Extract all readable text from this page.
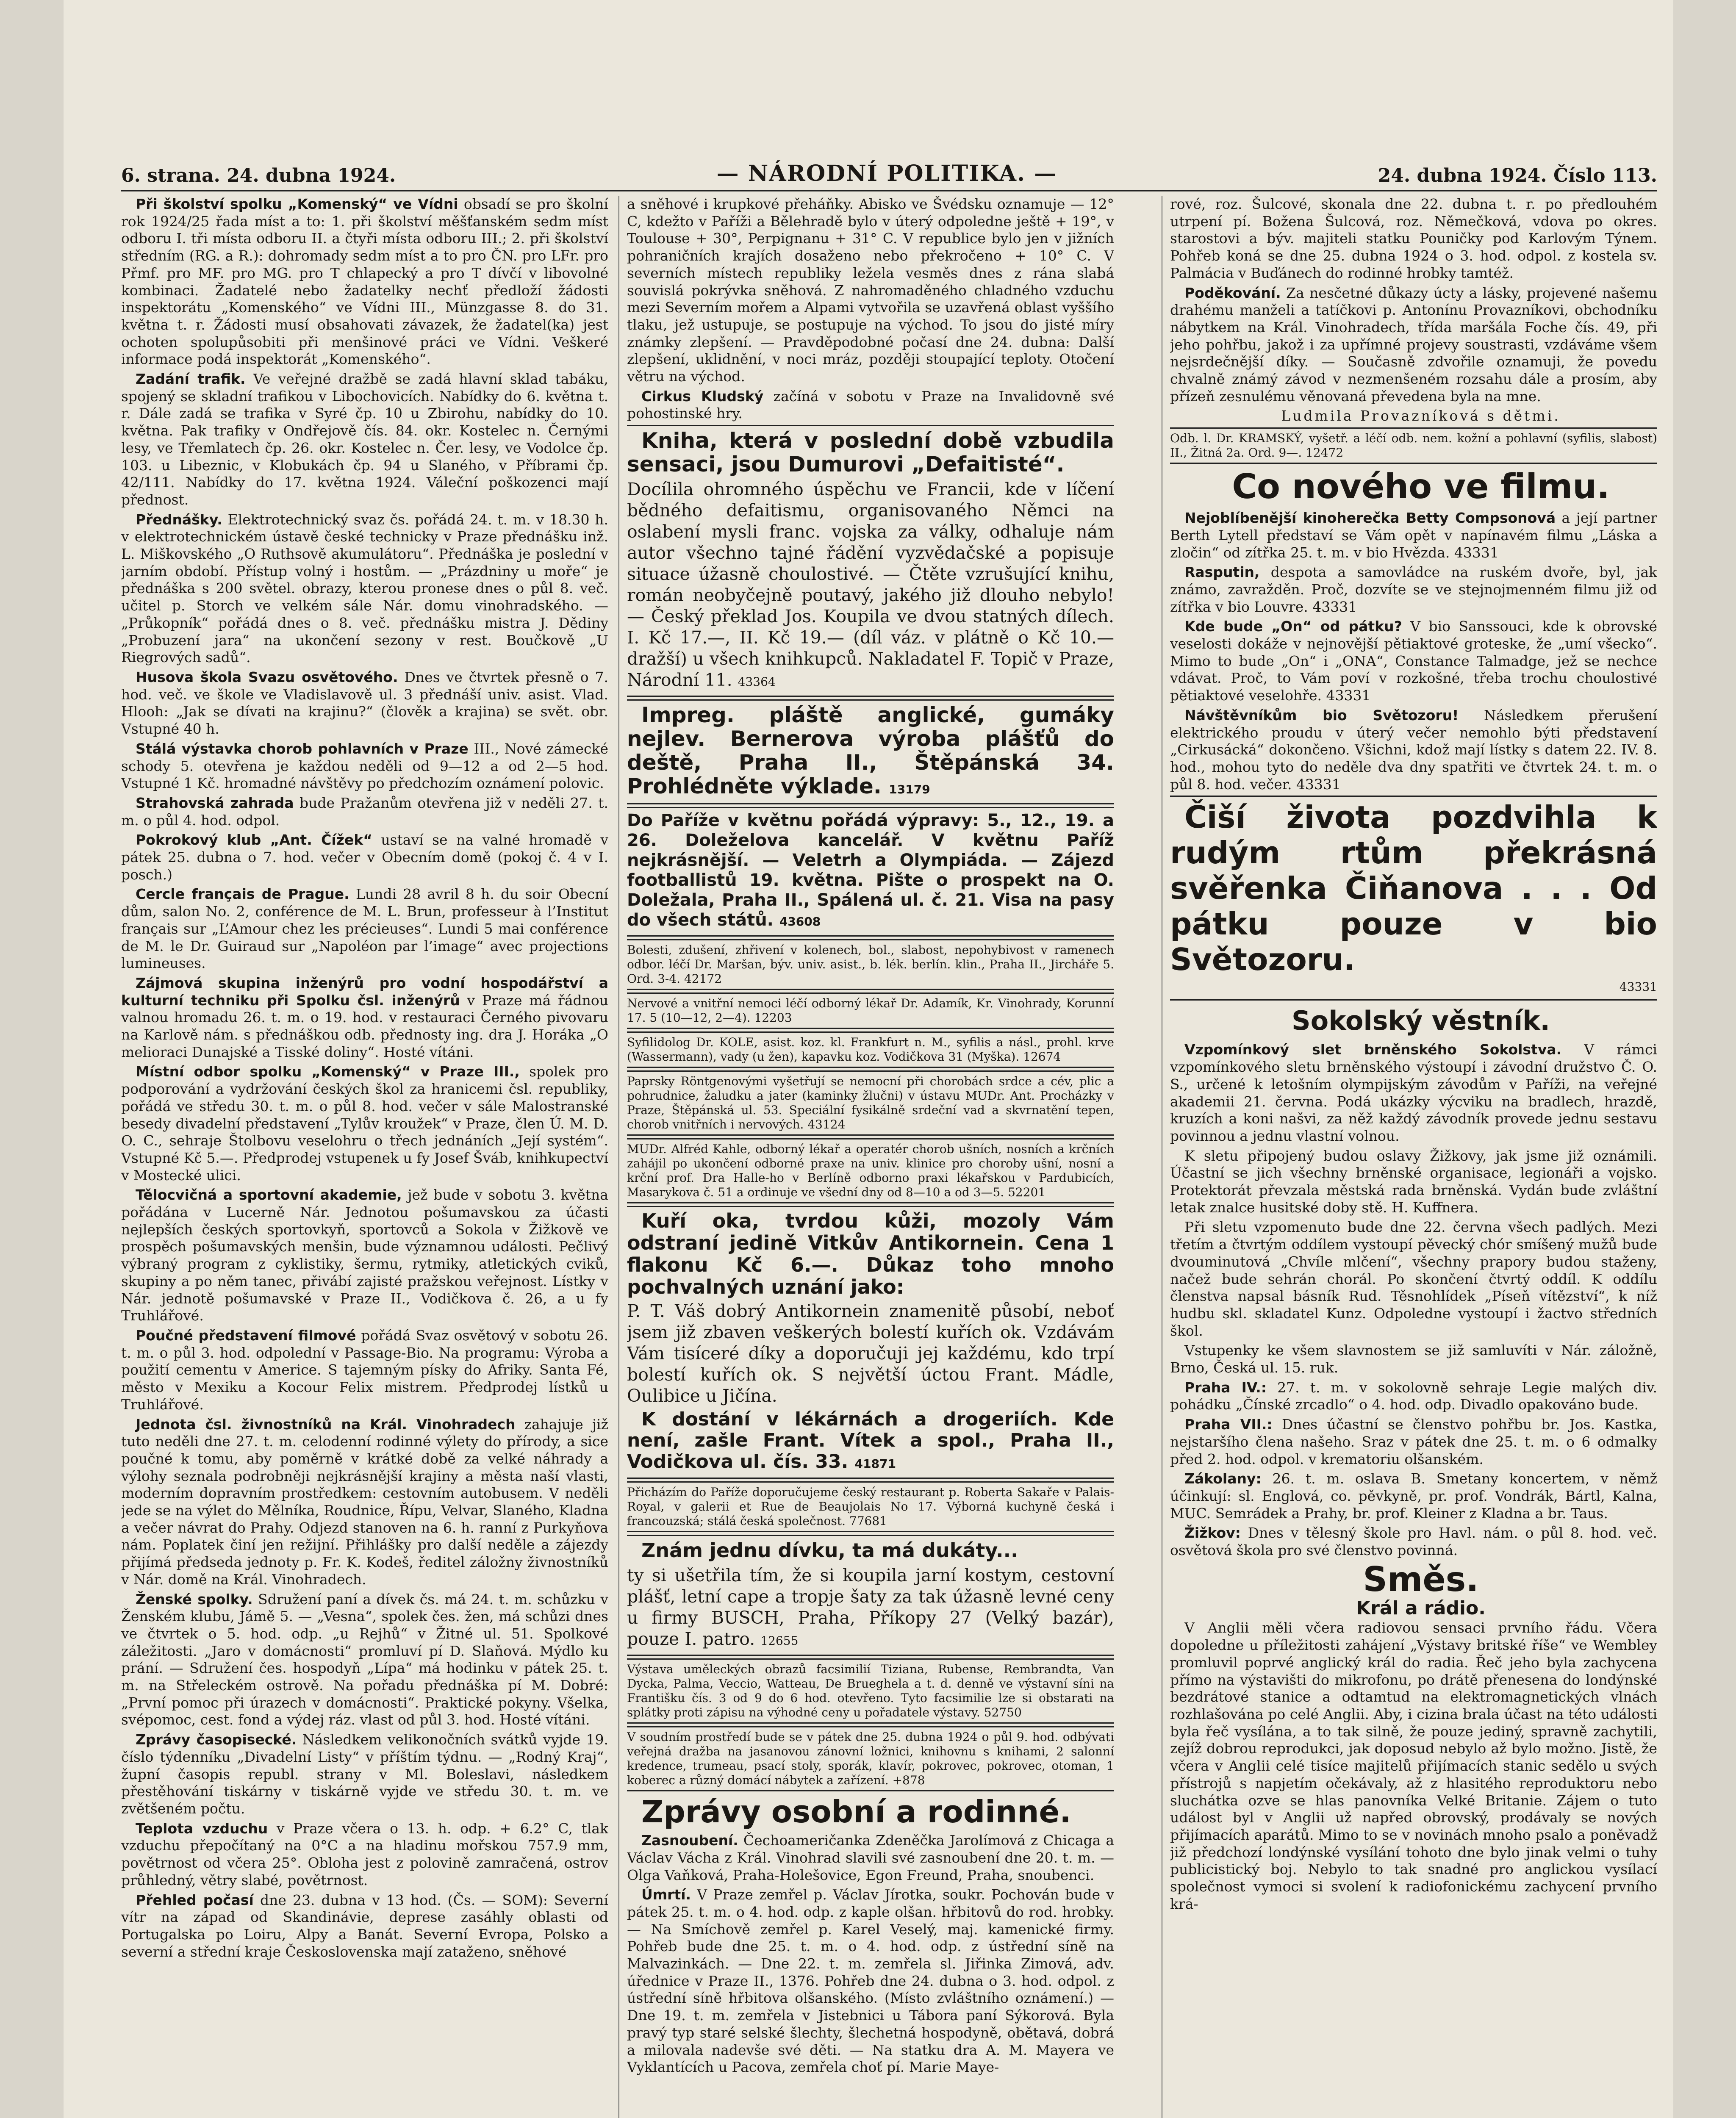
6. strana. 24. dubna 1924.	— NÁRODNÍ POLITIKA. —	24. dubna 1924. Číslo 113.

Při školství spolku „Komenský“ ve Vídni obsadí se pro školní rok 1924/25 řada míst a to: 1. při školství měšťanském sedm míst odboru I. tři místa odboru II. a čtyři místa odboru III.; 2. při školství středním (RG. a R.): dohromady sedm míst a to pro ČN. pro LFr. pro Přmf. pro MF. pro MG. pro T chlapecký a pro T dívčí v libovolné kombinaci. Žadatelé nebo žadatelky nechť předloží žádosti inspektorátu „Komenského“ ve Vídni III., Münzgasse 8. do 31. května t. r. Žádosti musí obsahovati závazek, že žadatel(ka) jest ochoten spolupůsobiti při menšinové práci ve Vídni. Veškeré informace podá inspektorát „Komenského“.

Zadání trafik. Ve veřejné dražbě se zadá hlavní sklad tabáku, spojený se skladní trafikou v Libochovicích. Nabídky do 6. května t. r. Dále zadá se trafika v Syré čp. 10 u Zbirohu, nabídky do 10. května. Pak trafiky v Ondřejově čís. 84. okr. Kostelec n. Černými lesy, ve Třemlatech čp. 26. okr. Kostelec n. Čer. lesy, ve Vodolce čp. 103. u Libeznic, v Klobukách čp. 94 u Slaného, v Příbrami čp. 42/111. Nabídky do 17. května 1924. Váleční poškozenci mají přednost.

Přednášky. Elektrotechnický svaz čs. pořádá 24. t. m. v 18.30 h. v elektrotechnickém ústavě české technicky v Praze přednášku inž. L. Miškovského „O Ruthsově akumulátoru“. Přednáška je poslední v jarním období. Přístup volný i hostům. — „Prázdniny u moře“ je přednáška s 200 světel. obrazy, kterou pronese dnes o půl 8. več. učitel p. Storch ve velkém sále Nár. domu vinohradského. — „Průkopník“ pořádá dnes o 8. več. přednášku mistra J. Dědiny „Probuzení jara“ na ukončení sezony v rest. Boučkově „U Riegrových sadů“.

Husova škola Svazu osvětového. Dnes ve čtvrtek přesně o 7. hod. več. ve škole ve Vladislavově ul. 3 přednáší univ. asist. Vlad. Hlooh: „Jak se dívati na krajinu?“ (člověk a krajina) se svět. obr. Vstupné 40 h.

Stálá výstavka chorob pohlavních v Praze III., Nové zámecké schody 5. otevřena je každou neděli od 9—12 a od 2—5 hod. Vstupné 1 Kč. hromadné návštěvy po předchozím oznámení polovic.

Strahovská zahrada bude Pražanům otevřena již v neděli 27. t. m. o půl 4. hod. odpol.

Pokrokový klub „Ant. Čížek“ ustaví se na valné hromadě v pátek 25. dubna o 7. hod. večer v Obecním domě (pokoj č. 4 v I. posch.)

Cercle français de Prague. Lundi 28 avril 8 h. du soir Obecní dům, salon No. 2, conférence de M. L. Brun, professeur à l’Institut français sur „L’Amour chez les précieuses“. Lundi 5 mai conférence de M. le Dr. Guiraud sur „Napoléon par l’image“ avec projections lumineuses.

Zájmová skupina inženýrů pro vodní hospodářství a kulturní techniku při Spolku čsl. inženýrů v Praze má řádnou valnou hromadu 26. t. m. o 19. hod. v restauraci Černého pivovaru na Karlově nám. s přednáškou odb. přednosty ing. dra J. Horáka „O melioraci Dunajské a Tisské doliny“. Hosté vítáni.

Místní odbor spolku „Komenský“ v Praze III., spolek pro podporování a vydržování českých škol za hranicemi čsl. republiky, pořádá ve středu 30. t. m. o půl 8. hod. večer v sále Malostranské besedy divadelní představení „Tylův kroužek“ v Praze, člen Ú. M. D. O. C., sehraje Štolbovu veselohru o třech jednáních „Její systém“. Vstupné Kč 5.—. Předprodej vstupenek u fy Josef Šváb, knihkupectví v Mostecké ulici.

Tělocvičná a sportovní akademie, jež bude v sobotu 3. května pořádána v Lucerně Nár. Jednotou pošumavskou za účasti nejlepších českých sportovkyň, sportovců a Sokola v Žižkově ve prospěch pošumavských menšin, bude významnou události. Pečlivý výbraný program z cyklistiky, šermu, rytmiky, atletických cviků, skupiny a po něm tanec, přivábí zajisté pražskou veřejnost. Lístky v Nár. jednotě pošumavské v Praze II., Vodičkova č. 26, a u fy Truhlářové.

Poučné představení filmové pořádá Svaz osvětový v sobotu 26. t. m. o půl 3. hod. odpolední v Passage-Bio. Na programu: Výroba a použití cementu v Americe. S tajemným písky do Afriky. Santa Fé, město v Mexiku a Kocour Felix mistrem. Předprodej lístků u Truhlářové.

Jednota čsl. živnostníků na Král. Vinohradech zahajuje již tuto neděli dne 27. t. m. celodenní rodinné výlety do přírody, a sice poučné k tomu, aby poměrně v krátké době za velké náhrady a výlohy seznala podrobněji nejkrásnější krajiny a města naší vlasti, moderním dopravním prostředkem: cestovním autobusem. V neděli jede se na výlet do Mělníka, Roudnice, Řípu, Velvar, Slaného, Kladna a večer návrat do Prahy. Odjezd stanoven na 6. h. ranní z Purkyňova nám. Poplatek činí jen režijní. Přihlášky pro další neděle a zájezdy přijímá předseda jednoty p. Fr. K. Kodeš, ředitel záložny živnostníků v Nár. domě na Král. Vinohradech.

Ženské spolky. Sdružení paní a dívek čs. má 24. t. m. schůzku v Ženském klubu, Jámě 5. — „Vesna“, spolek čes. žen, má schůzi dnes ve čtvrtek o 5. hod. odp. „u Rejhů“ v Žitné ul. 51. Spolkové záležitosti. „Jaro v domácnosti“ promluví pí D. Slaňová. Mýdlo ku prání. — Sdružení čes. hospodyň „Lípa“ má hodinku v pátek 25. t. m. na Střeleckém ostrově. Na pořadu přednáška pí M. Dobré: „První pomoc při úrazech v domácnosti“. Praktické pokyny. Všelka, svépomoc, cest. fond a výdej ráz. vlast od půl 3. hod. Hosté vítáni.

Zprávy časopisecké. Následkem velikonočních svátků vyjde 19. číslo týdenníku „Divadelní Listy“ v příštím týdnu. — „Rodný Kraj“, župní časopis republ. strany v Ml. Boleslavi, následkem přestěhování tiskárny v tiskárně vyjde ve středu 30. t. m. ve zvětšeném počtu.

Teplota vzduchu v Praze včera o 13. h. odp. + 6.2° C, tlak vzduchu přepočítaný na 0°C a na hladinu mořskou 757.9 mm, povětrnost od včera 25°. Obloha jest z polovině zamračená, ostrov průhledný, větry slabé, povětrnost.

Přehled počasí dne 23. dubna v 13 hod. (Čs. — SOM): Severní vítr na západ od Skandinávie, deprese zasáhly oblasti od Portugalska po Loiru, Alpy a Banát. Severní Evropa, Polsko a severní a střední kraje Československa mají zataženo, sněhové

a sněhové i krupkové přeháňky. Abisko ve Švédsku oznamuje — 12° C, kdežto v Paříži a Bělehradě bylo v úterý odpoledne ještě + 19°, v Toulouse + 30°, Perpignanu + 31° C. V republice bylo jen v jižních pohraničních krajích dosaženo nebo překročeno + 10° C. V severních místech republiky ležela vesměs dnes z rána slabá souvislá pokrývka sněhová. Z nahromaděného chladného vzduchu mezi Severním mořem a Alpami vytvořila se uzavřená oblast vyššího tlaku, jež ustupuje, se postupuje na východ. To jsou do jisté míry známky zlepšení. — Pravděpodobné počasí dne 24. dubna: Další zlepšení, uklidnění, v noci mráz, později stoupající teploty. Otočení větru na východ.

Cirkus Kludský začíná v sobotu v Praze na Invalidovně své pohostinské hry.

Kniha, která v poslední době vzbudila sensaci, jsou Dumurovi „Defaitisté“.

Docílila ohromného úspěchu ve Francii, kde v líčení bědného defaitismu, organisovaného Němci na oslabení mysli franc. vojska za války, odhaluje nám autor všechno tajné řádění vyzvědačské a popisuje situace úžasně choulostivé. — Čtěte vzrušující knihu, román neobyčejně poutavý, jakého již dlouho nebylo! — Český překlad Jos. Koupila ve dvou statných dílech. I. Kč 17.—, II. Kč 19.— (díl váz. v plátně o Kč 10.— dražší) u všech knihkupců. Nakladatel F. Topič v Praze, Národní 11. 43364

Impreg. pláště anglické, gumáky nejlev. Bernerova výroba plášťů do deště, Praha II., Štěpánská 34. Prohlédněte výklade. 13179

Do Paříže v květnu pořádá výpravy: 5., 12., 19. a 26. Doleželova kancelář. V květnu Paříž nejkrásnější. — Veletrh a Olympiáda. — Zájezd footballistů 19. května. Pište o prospekt na O. Doležala, Praha II., Spálená ul. č. 21. Visa na pasy do všech států. 43608

Bolesti, zdušení, zhřivení v kolenech, bol., slabost, nepohybivost v ramenech odbor. léčí Dr. Maršan, býv. univ. asist., b. lék. berlín. klin., Praha II., Jircháře 5. Ord. 3-4. 42172
Nervové a vnitřní nemoci léčí odborný lékař Dr. Adamík, Kr. Vinohrady, Korunní 17. 5 (10—12, 2—4). 12203
Syfilidolog Dr. KOLE, asist. koz. kl. Frankfurt n. M., syfilis a násl., prohl. krve (Wassermann), vady (u žen), kapavku koz. Vodičkova 31 (Myška). 12674
Paprsky Röntgenovými vyšetřují se nemocní při chorobách srdce a cév, plic a pohrudnice, žaludku a jater (kaminky žlučni) v ústavu MUDr. Ant. Procházky v Praze, Štěpánská ul. 53. Speciální fysikálně srdeční vad a skvrnatění tepen, chorob vnitřních i nervových. 43124
MUDr. Alfréd Kahle, odborný lékař a operatér chorob ušních, nosních a krčních zahájil po ukončení odborné praxe na univ. klinice pro choroby ušní, nosní a krční prof. Dra Halle-ho v Berlíně odborno praxi lékařskou v Pardubicích, Masarykova č. 51 a ordinuje ve všední dny od 8—10 a od 3—5. 52201

Kuří oka, tvrdou kůži, mozoly Vám odstraní jedině Vitkův Antikornein. Cena 1 flakonu Kč 6.—. Důkaz toho mnoho pochvalných uznání jako:

P. T. Váš dobrý Antikornein znamenitě působí, neboť jsem již zbaven veškerých bolestí kuřích ok. Vzdávám Vám tisíceré díky a doporučuji jej každému, kdo trpí bolestí kuřích ok. S největší úctou Frant. Mádle, Oulibice u Jičína.

K dostání v lékárnách a drogeriích. Kde není, zašle Frant. Vítek a spol., Praha II., Vodičkova ul. čís. 33. 41871

Přicházím do Paříže doporučujeme český restaurant p. Roberta Sakaře v Palais-Royal, v galerii et Rue de Beaujolais No 17. Výborná kuchyně česká i francouzská; stálá česká společnost. 77681

Znám jednu dívku, ta má dukáty...

ty si ušetřila tím, že si koupila jarní kostym, cestovní plášť, letní cape a tropje šaty za tak úžasně levné ceny u firmy BUSCH, Praha, Příkopy 27 (Velký bazár), pouze I. patro. 12655

Výstava uměleckých obrazů facsimilií Tiziana, Rubense, Rembrandta, Van Dycka, Palma, Veccio, Watteau, De Brueghela a t. d. denně ve výstavní síni na Františku čís. 3 od 9 do 6 hod. otevřeno. Tyto facsimilie lze si obstarati na splátky proti zápisu na výhodné ceny u pořadatele výstavy. 52750
V soudním prostředí bude se v pátek dne 25. dubna 1924 o půl 9. hod. odbývati veřejná dražba na jasanovou zánovní ložnici, knihovnu s knihami, 2 salonní kredence, trumeau, psací stoly, sporák, klavír, pokrovec, pokrovec, otoman, 1 koberec a různý domácí nábytek a zařízení. +878

Zprávy osobní a rodinné.

Zasnoubení. Čechoameričanka Zdeněčka Jarolímová z Chicaga a Václav Vácha z Král. Vinohrad slavili své zasnoubení dne 20. t. m. — Olga Vaňková, Praha-Holešovice, Egon Freund, Praha, snoubenci.

Úmrtí. V Praze zemřel p. Václav Jírotka, soukr. Pochován bude v pátek 25. t. m. o 4. hod. odp. z kaple olšan. hřbitovů do rod. hrobky. — Na Smíchově zemřel p. Karel Veselý, maj. kamenické firmy. Pohřeb bude dne 25. t. m. o 4. hod. odp. z ústřední síně na Malvazinkách. — Dne 22. t. m. zemřela sl. Jiřinka Zimová, adv. úřednice v Praze II., 1376. Pohřeb dne 24. dubna o 3. hod. odpol. z ústřední síně hřbitova olšanského. (Místo zvláštního oznámení.) — Dne 19. t. m. zemřela v Jistebnici u Tábora paní Sýkorová. Byla pravý typ staré selské šlechty, šlechetná hospodyně, obětavá, dobrá a milovala nadevše své děti. — Na statku dra A. M. Mayera ve Vyklantících u Pacova, zemřela choť pí. Marie Maye-

rové, roz. Šulcové, skonala dne 22. dubna t. r. po předlouhém utrpení pí. Božena Šulcová, roz. Němečková, vdova po okres. starostovi a býv. majiteli statku Pouničky pod Karlovým Týnem. Pohřeb koná se dne 25. dubna 1924 o 3. hod. odpol. z kostela sv. Palmácia v Buďánech do rodinné hrobky tamtéž.

Poděkování. Za nesčetné důkazy úcty a lásky, projevené našemu drahému manželi a tatíčkovi p. Antonínu Provazníkovi, obchodníku nábytkem na Král. Vinohradech, třída maršála Foche čís. 49, při jeho pohřbu, jakož i za upřímné projevy soustrasti, vzdáváme všem nejsrdečnější díky. — Současně zdvořile oznamuji, že povedu chvalně známý závod v nezmenšeném rozsahu dále a prosím, aby přízeň zesnulému věnovaná převedena byla na mne.

Ludmila Provazníková s dětmi.

Odb. l. Dr. KRAMSKÝ, vyšetř. a léčí odb. nem. kožní a pohlavní (syfilis, slabost) II., Žitná 2a. Ord. 9—. 12472

Co nového ve filmu.

Nejoblíbenější kinoherečka Betty Compsonová a její partner Berth Lytell představí se Vám opět v napínavém filmu „Láska a zločin“ od zítřka 25. t. m. v bio Hvězda. 43331

Rasputin, despota a samovládce na ruském dvoře, byl, jak známo, zavražděn. Proč, dozvíte se ve stejnojmenném filmu již od zítřka v bio Louvre. 43331

Kde bude „On“ od pátku? V bio Sanssouci, kde k obrovské veselosti dokáže v nejnovější pětiaktové groteske, že „umí všecko“. Mimo to bude „On“ i „ONA“, Constance Talmadge, jež se nechce vdávat. Proč, to Vám poví v rozkošné, třeba trochu choulostivé pětiaktové veselohře. 43331

Návštěvníkům bio Světozoru! Následkem přerušení elektrického proudu v úterý večer nemohlo býti představení „Cirkusácká“ dokončeno. Všichni, kdož mají lístky s datem 22. IV. 8. hod., mohou tyto do neděle dva dny spatřiti ve čtvrtek 24. t. m. o půl 8. hod. večer. 43331

Čiší života pozdvihla k rudým rtům překrásná svěřenka Čiňanova . . . Od pátku pouze v bio Světozoru.

43331

Sokolský věstník.

Vzpomínkový slet brněnského Sokolstva. V rámci vzpomínkového sletu brněnského výstoupí i závodní družstvo Č. O. S., určené k letošním olympijským závodům v Paříži, na veřejné akademii 21. června. Podá ukázky výcviku na bradlech, hrazdě, kruzích a koni našvi, za něž každý závodník provede jednu sestavu povinnou a jednu vlastní volnou.

K sletu připojený budou oslavy Žižkovy, jak jsme již oznámili. Účastní se jich všechny brněnské organisace, legionáři a vojsko. Protektorát převzala městská rada brněnská. Vydán bude zvláštní letak znalce husitské doby stě. H. Kuffnera.

Při sletu vzpomenuto bude dne 22. června všech padlých. Mezi třetím a čtvrtým oddílem vystoupí pěvecký chór smíšený mužů bude dvouminutová „Chvíle mlčení“, všechny prapory budou staženy, načež bude sehrán chorál. Po skončení čtvrtý oddíl. K oddílu členstva napsal básník Rud. Těsnohlídek „Píseň vítězství“, k níž hudbu skl. skladatel Kunz. Odpoledne vystoupí i žactvo středních škol.

Vstupenky ke všem slavnostem se již samluvíti v Nár. záložně, Brno, Česká ul. 15. ruk.

Praha IV.: 27. t. m. v sokolovně sehraje Legie malých div. pohádku „Čínské zrcadlo“ o 4. hod. odp. Divadlo opakováno bude.

Praha VII.: Dnes účastní se členstvo pohřbu br. Jos. Kastka, nejstaršího člena našeho. Sraz v pátek dne 25. t. m. o 6 odmalky před 2. hod. odpol. v krematoriu olšanském.

Zákolany: 26. t. m. oslava B. Smetany koncertem, v němž účinkují: sl. Englová, co. pěvkyně, pr. prof. Vondrák, Bártl, Kalna, MUC. Semrádek a Prahy, br. prof. Kleiner z Kladna a br. Taus.

Žižkov: Dnes v tělesný škole pro Havl. nám. o půl 8. hod. več. osvětová škola pro své členstvo povinná.

Směs.

Král a rádio.

V Anglii měli včera radiovou sensaci prvního řádu. Včera dopoledne u příležitosti zahájení „Výstavy britské říše“ ve Wembley promluvil poprvé anglický král do radia. Řeč jeho byla zachycena přímo na výstavišti do mikrofonu, po drátě přenesena do londýnské bezdrátové stanice a odtamtud na elektromagnetických vlnách rozhlašována po celé Anglii. Aby, i cizina brala účast na této události byla řeč vysílána, a to tak silně, že pouze jediný, spravně zachytili, zejíž dobrou reprodukci, jak doposud nebylo až bylo možno. Jistě, že včera v Anglii celé tisíce majitelů přijímacích stanic sedělo u svých přístrojů s napjetím očekávaly, až z hlasitého reproduktoru nebo sluchátka ozve se hlas panovníka Velké Britanie. Zájem o tuto událost byl v Anglii už napřed obrovský, prodávaly se nových přijímacích aparátů. Mimo to se v novinách mnoho psalo a poněvadž již předchozí londýnské vysílání tohoto dne bylo jinak velmi o tuhy publicistický boj. Nebylo to tak snadné pro anglickou vysílací společnost vymoci si svolení k radiofonickému zachycení prvního krá-
